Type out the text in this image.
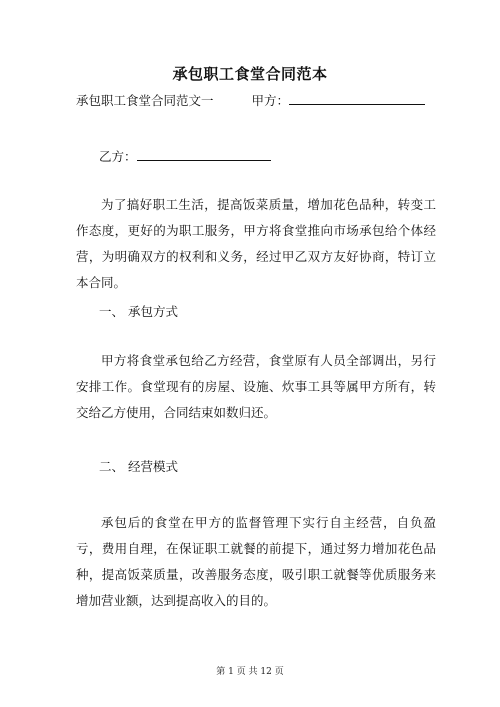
承包职工食堂合同范本
承包职工食堂合同范文一	甲方：
乙方：
为了搞好职工生活，提高饭菜质量，增加花色品种，转变工作态度，更好的为职工服务，甲方将食堂推向市场承包给个体经营，为明确双方的权利和义务，经过甲乙双方友好协商，特订立本合同。
一、 承包方式
甲方将食堂承包给乙方经营，食堂原有人员全部调出，另行安排工作。食堂现有的房屋、设施、炊事工具等属甲方所有，转交给乙方使用，合同结束如数归还。
二、 经营模式
承包后的食堂在甲方的监督管理下实行自主经营，自负盈亏，费用自理，在保证职工就餐的前提下，通过努力增加花色品种，提高饭菜质量，改善服务态度，吸引职工就餐等优质服务来增加营业额，达到提高收入的目的。
第 1 页 共 12 页
